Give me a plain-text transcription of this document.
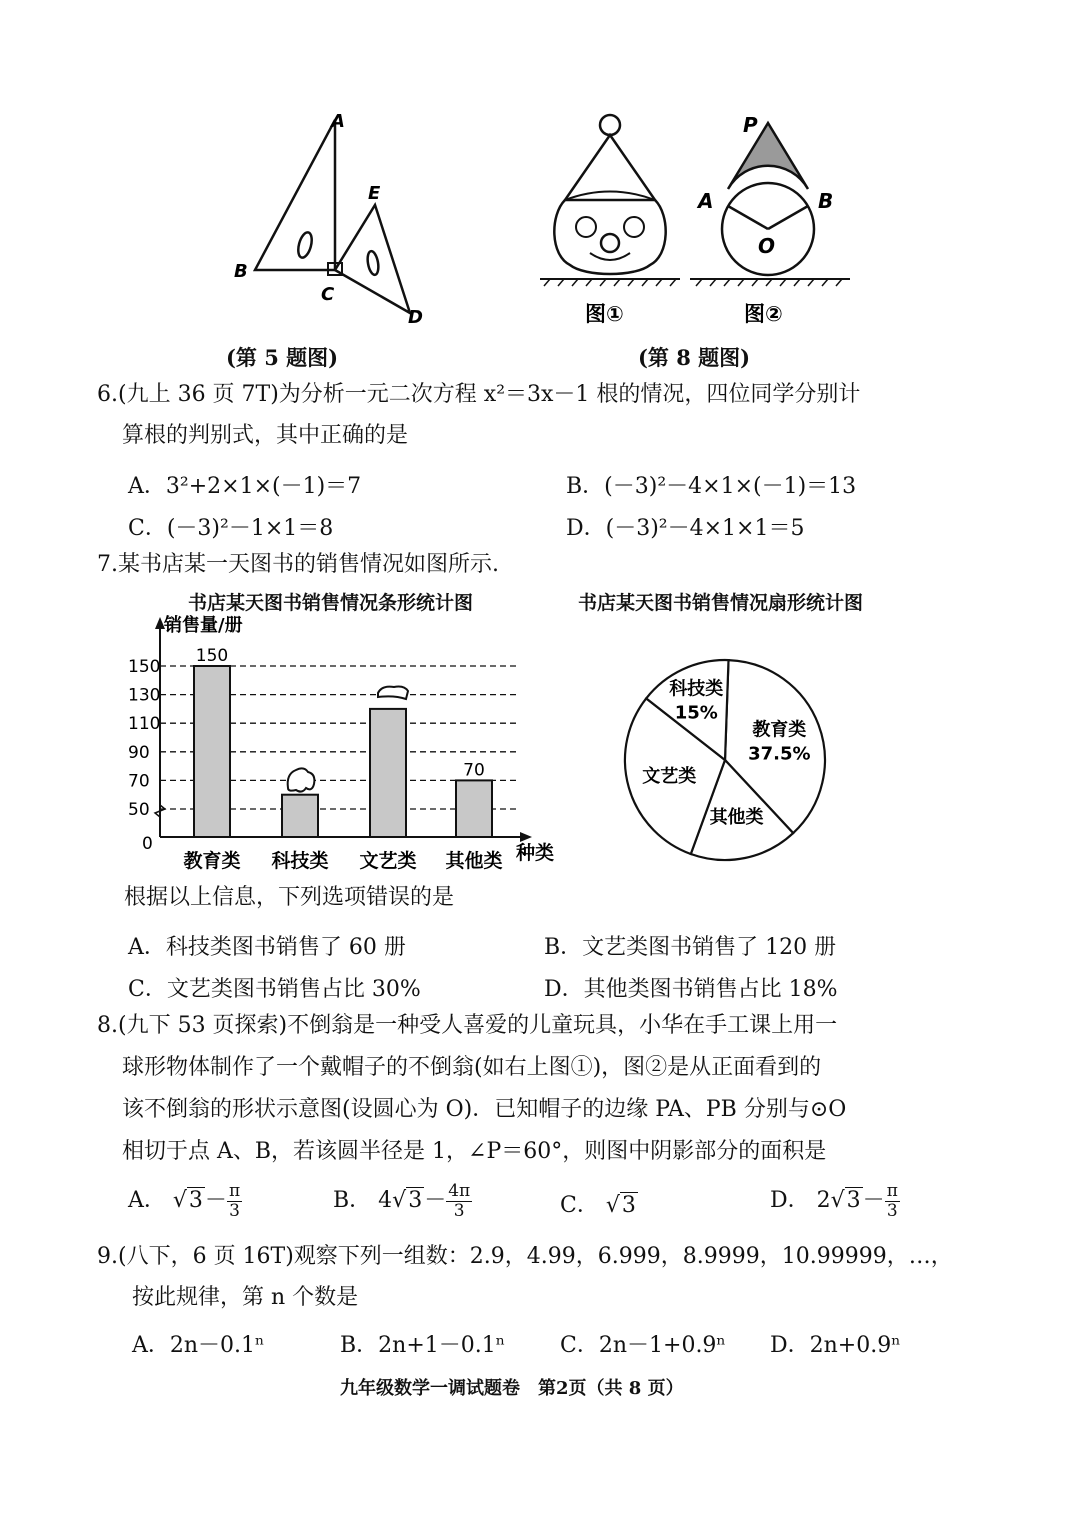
A
E
B
C
D
(第 5 题图)
P
A	B
O
图①	图②
(第 8 题图)
6.(九上 36 页 7T)为分析一元二次方程 x²＝3x－1 根的情况，四位同学分别计
算根的判别式，其中正确的是
A．3²+2×1×(－1)＝7	B．(－3)²－4×1×(－1)＝13
C．(－3)²－1×1＝8	D．(－3)²－4×1×1＝5
7.某书店某一天图书的销售情况如图所示.
书店某天图书销售情况条形统计图	书店某天图书销售情况扇形统计图
0
50
70
90
110
130
150
销售量/册
种类
教育类
150
科技类 文艺类 其他类
70
科技类
15%
教育类
37.5%
其他类
文艺类
根据以上信息，下列选项错误的是
A．科技类图书销售了 60 册	B．文艺类图书销售了 120 册
C．文艺类图书销售占比 30%	D．其他类图书销售占比 18%
8.(九下 53 页探索)不倒翁是一种受人喜爱的儿童玩具，小华在手工课上用一
球形物体制作了一个戴帽子的不倒翁(如右上图①)，图②是从正面看到的
该不倒翁的形状示意图(设圆心为 O)．已知帽子的边缘 PA、PB 分别与⊙O
相切于点 A、B，若该圆半径是 1，∠P＝60°，则图中阴影部分的面积是
A． $√3- \frac{\pi}{3}$	B． $4√3- \frac{4\pi}{3}$	C． √3	D． $2√3- \frac{\pi}{3}$
9.(八下，6 页 16T)观察下列一组数：2.9，4.99，6.999，8.9999，10.99999，…，
按此规律，第 n 个数是
A．2n－0.1ⁿ	B．2n+1－0.1ⁿ C．2n－1+0.9ⁿ D．2n+0.9ⁿ
九年级数学一调试题卷　第2页（共 8 页）
